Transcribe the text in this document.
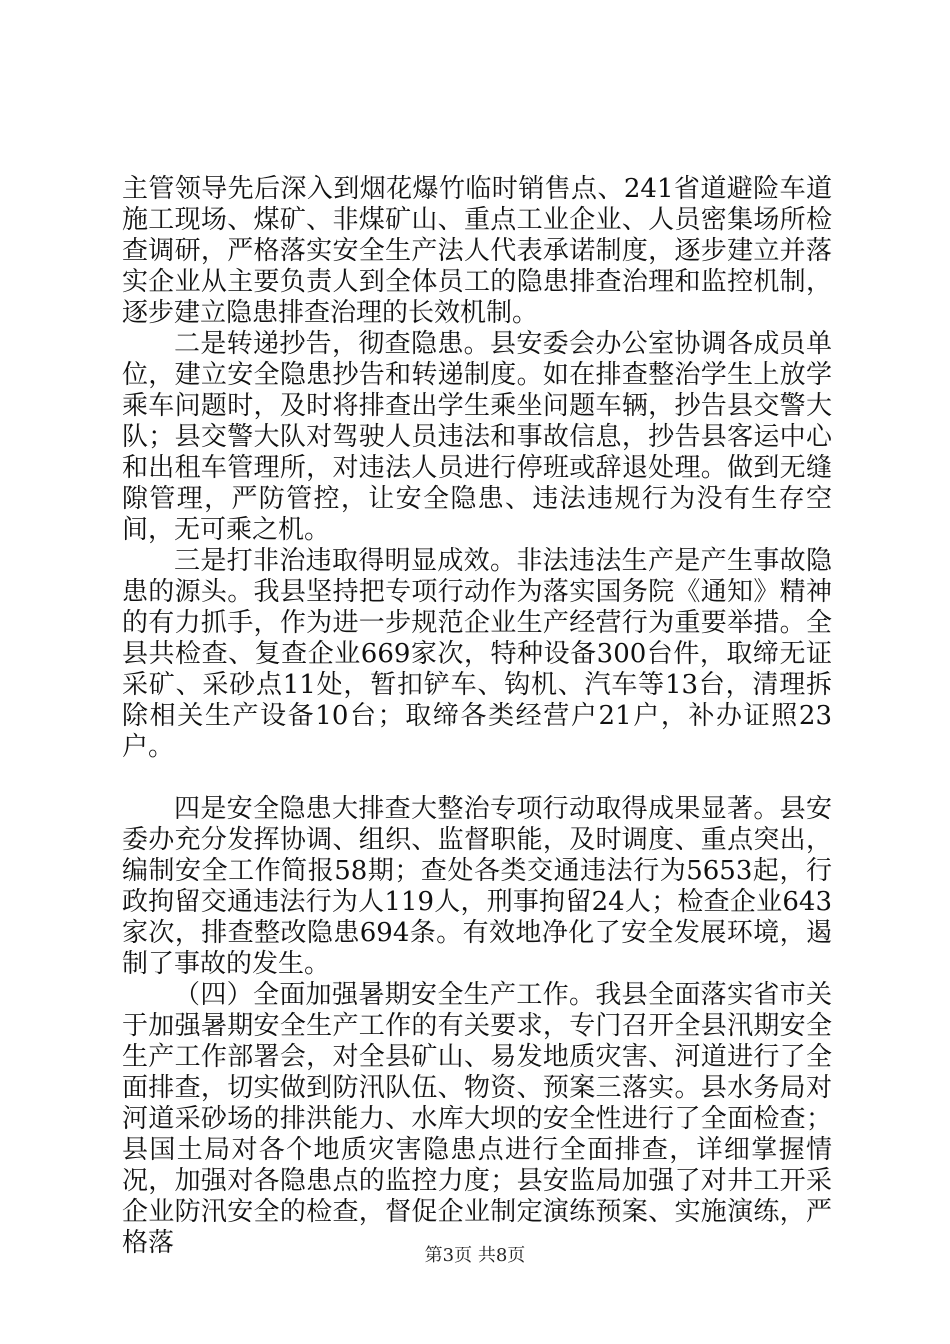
主管领导先后深入到烟花爆竹临时销售点、241省道避险车道施工现场、煤矿、非煤矿山、重点工业企业、人员密集场所检查调研，严格落实安全生产法人代表承诺制度，逐步建立并落实企业从主要负责人到全体员工的隐患排查治理和监控机制，逐步建立隐患排查治理的长效机制。

二是转递抄告，彻查隐患。县安委会办公室协调各成员单位，建立安全隐患抄告和转递制度。如在排查整治学生上放学乘车问题时，及时将排查出学生乘坐问题车辆，抄告县交警大队；县交警大队对驾驶人员违法和事故信息，抄告县客运中心和出租车管理所，对违法人员进行停班或辞退处理。做到无缝隙管理，严防管控，让安全隐患、违法违规行为没有生存空间，无可乘之机。

三是打非治违取得明显成效。非法违法生产是产生事故隐患的源头。我县坚持把专项行动作为落实国务院《通知》精神的有力抓手，作为进一步规范企业生产经营行为重要举措。全县共检查、复查企业669家次，特种设备300台件，取缔无证采矿、采砂点11处，暂扣铲车、钩机、汽车等13台，清理拆除相关生产设备10台；取缔各类经营户21户，补办证照23户。

四是安全隐患大排查大整治专项行动取得成果显著。县安委办充分发挥协调、组织、监督职能，及时调度、重点突出，编制安全工作简报58期；查处各类交通违法行为5653起，行政拘留交通违法行为人119人，刑事拘留24人；检查企业643家次，排查整改隐患694条。有效地净化了安全发展环境，遏制了事故的发生。

（四）全面加强暑期安全生产工作。我县全面落实省市关于加强暑期安全生产工作的有关要求，专门召开全县汛期安全生产工作部署会，对全县矿山、易发地质灾害、河道进行了全面排查，切实做到防汛队伍、物资、预案三落实。县水务局对河道采砂场的排洪能力、水库大坝的安全性进行了全面检查；县国土局对各个地质灾害隐患点进行全面排查，详细掌握情况，加强对各隐患点的监控力度；县安监局加强了对井工开采企业防汛安全的检查，督促企业制定演练预案、实施演练，严格落	第3页 共8页
